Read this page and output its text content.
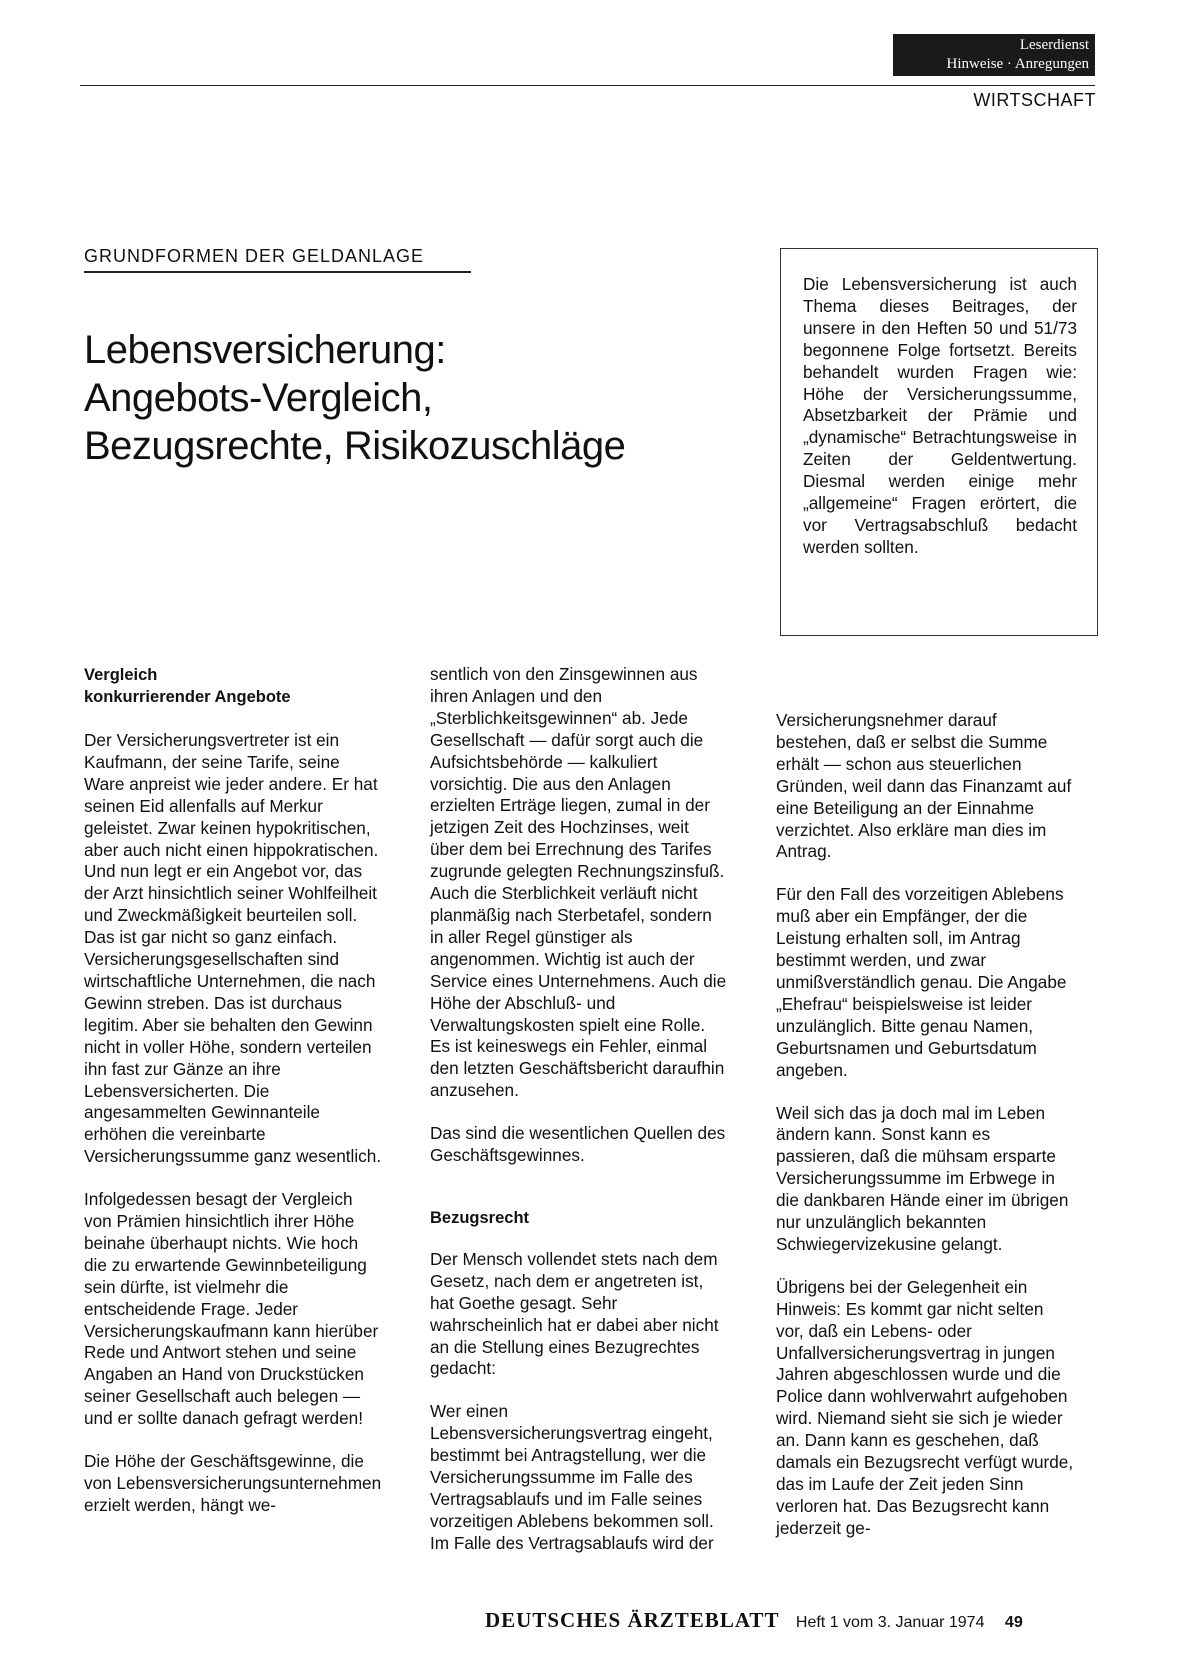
Leserdienst
Hinweise · Anregungen
WIRTSCHAFT
GRUNDFORMEN DER GELDANLAGE
Lebensversicherung:
Angebots-Vergleich,
Bezugsrechte, Risikozuschläge
Die Lebensversicherung ist auch Thema dieses Beitrages, der unsere in den Heften 50 und 51/73 begonnene Folge fortsetzt. Bereits behandelt wurden Fragen wie: Höhe der Versicherungssumme, Absetzbarkeit der Prämie und „dynamische“ Betrachtungsweise in Zeiten der Geldentwertung. Diesmal werden einige mehr „allgemeine“ Fragen erörtert, die vor Vertragsabschluß bedacht werden sollten.
Vergleich
konkurrierender Angebote

Der Versicherungsvertreter ist ein Kaufmann, der seine Tarife, seine Ware anpreist wie jeder andere. Er hat seinen Eid allenfalls auf Merkur geleistet. Zwar keinen hypokritischen, aber auch nicht einen hippokratischen. Und nun legt er ein Angebot vor, das der Arzt hinsichtlich seiner Wohlfeilheit und Zweckmäßigkeit beurteilen soll. Das ist gar nicht so ganz einfach. Versicherungsgesellschaften sind wirtschaftliche Unternehmen, die nach Gewinn streben. Das ist durchaus legitim. Aber sie behalten den Gewinn nicht in voller Höhe, sondern verteilen ihn fast zur Gänze an ihre Lebensversicherten. Die angesammelten Gewinnanteile erhöhen die vereinbarte Versicherungssumme ganz wesentlich.

Infolgedessen besagt der Vergleich von Prämien hinsichtlich ihrer Höhe beinahe überhaupt nichts. Wie hoch die zu erwartende Gewinnbeteiligung sein dürfte, ist vielmehr die entscheidende Frage. Jeder Versicherungskaufmann kann hierüber Rede und Antwort stehen und seine Angaben an Hand von Druckstücken seiner Gesellschaft auch belegen — und er sollte danach gefragt werden!

Die Höhe der Geschäftsgewinne, die von Lebensversicherungsunternehmen erzielt werden, hängt we-

sentlich von den Zinsgewinnen aus ihren Anlagen und den „Sterblichkeitsgewinnen“ ab. Jede Gesellschaft — dafür sorgt auch die Aufsichtsbehörde — kalkuliert vorsichtig. Die aus den Anlagen erzielten Erträge liegen, zumal in der jetzigen Zeit des Hochzinses, weit über dem bei Errechnung des Tarifes zugrunde gelegten Rechnungszinsfuß. Auch die Sterblichkeit verläuft nicht planmäßig nach Sterbetafel, sondern in aller Regel günstiger als angenommen. Wichtig ist auch der Service eines Unternehmens. Auch die Höhe der Abschluß- und Verwaltungskosten spielt eine Rolle. Es ist keineswegs ein Fehler, einmal den letzten Geschäftsbericht daraufhin anzusehen.

Das sind die wesentlichen Quellen des Geschäftsgewinnes.

Bezugsrecht

Der Mensch vollendet stets nach dem Gesetz, nach dem er angetreten ist, hat Goethe gesagt. Sehr wahrscheinlich hat er dabei aber nicht an die Stellung eines Bezugrechtes gedacht:

Wer einen Lebensversicherungsvertrag eingeht, bestimmt bei Antragstellung, wer die Versicherungssumme im Falle des Vertragsablaufs und im Falle seines vorzeitigen Ablebens bekommen soll. Im Falle des Vertragsablaufs wird der

Versicherungsnehmer darauf bestehen, daß er selbst die Summe erhält — schon aus steuerlichen Gründen, weil dann das Finanzamt auf eine Beteiligung an der Einnahme verzichtet. Also erkläre man dies im Antrag.

Für den Fall des vorzeitigen Ablebens muß aber ein Empfänger, der die Leistung erhalten soll, im Antrag bestimmt werden, und zwar unmißverständlich genau. Die Angabe „Ehefrau“ beispielsweise ist leider unzulänglich. Bitte genau Namen, Geburtsnamen und Geburtsdatum angeben.

Weil sich das ja doch mal im Leben ändern kann. Sonst kann es passieren, daß die mühsam ersparte Versicherungssumme im Erbwege in die dankbaren Hände einer im übrigen nur unzulänglich bekannten Schwiegervizekusine gelangt.

Übrigens bei der Gelegenheit ein Hinweis: Es kommt gar nicht selten vor, daß ein Lebens- oder Unfallversicherungsvertrag in jungen Jahren abgeschlossen wurde und die Police dann wohlverwahrt aufgehoben wird. Niemand sieht sie sich je wieder an. Dann kann es geschehen, daß damals ein Bezugsrecht verfügt wurde, das im Laufe der Zeit jeden Sinn verloren hat. Das Bezugsrecht kann jederzeit ge-

DEUTSCHES ÄRZTEBLATT Heft 1 vom 3. Januar 1974 49
